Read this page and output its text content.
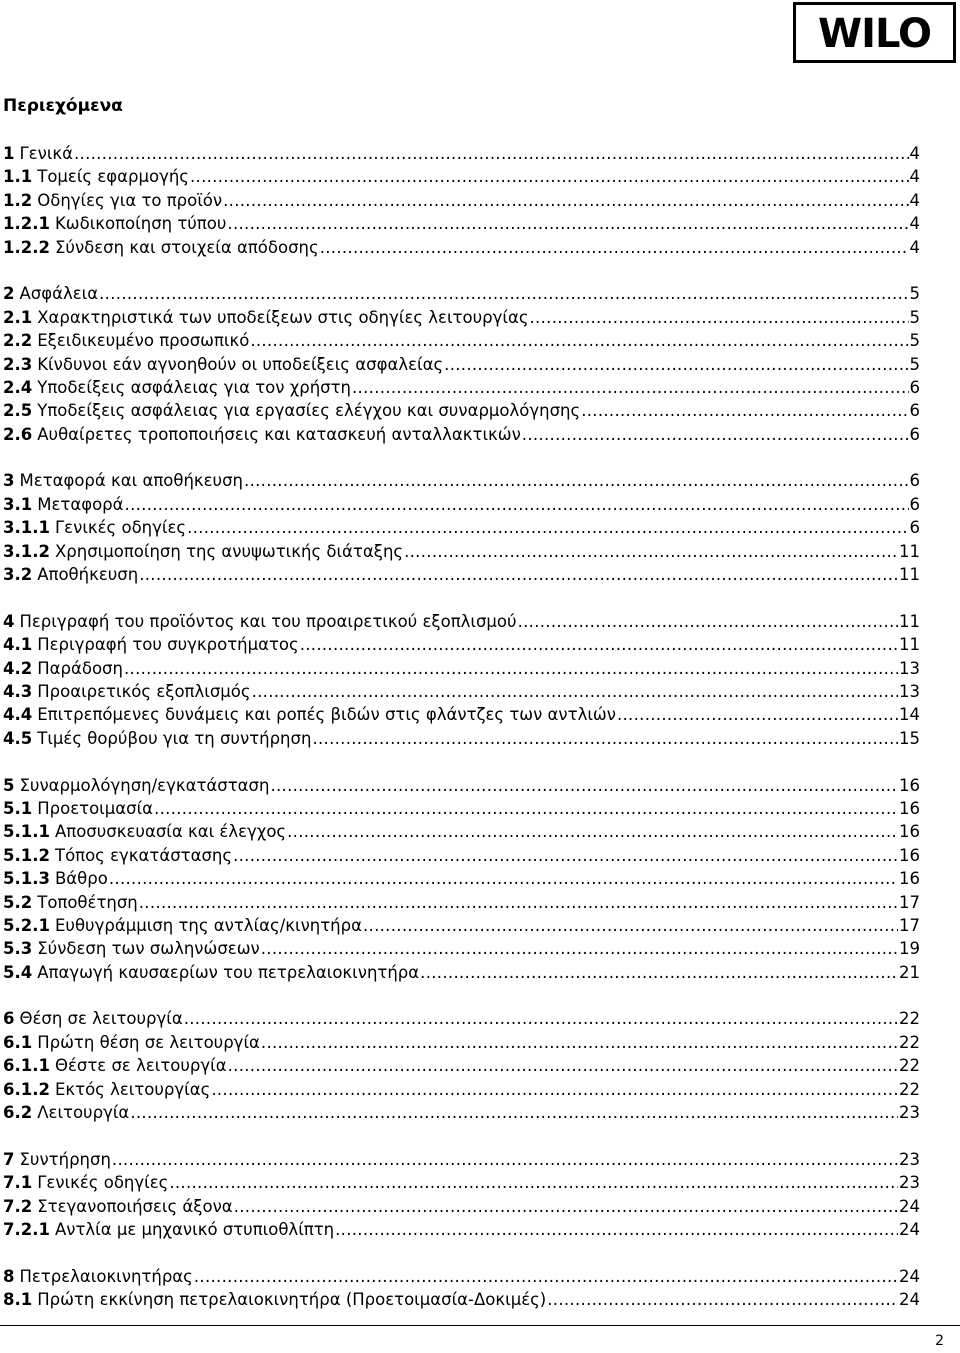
WILO
Περιεχόμενα
1 Γενικά .....	4
1.1 Τομείς εφαρμογής .....	4
1.2 Οδηγίες για το προϊόν .....	4
1.2.1 Κωδικοποίηση τύπου .....	4
1.2.2 Σύνδεση και στοιχεία απόδοσης .....	4
2 Ασφάλεια .....	5
2.1 Χαρακτηριστικά των υποδείξεων στις οδηγίες λειτουργίας .....	5
2.2 Εξειδικευμένο προσωπικό .....	5
2.3 Κίνδυνοι εάν αγνοηθούν οι υποδείξεις ασφαλείας .....	5
2.4 Υποδείξεις ασφάλειας για τον χρήστη .....	6
2.5 Υποδείξεις ασφάλειας για εργασίες ελέγχου και συναρμολόγησης .....	6
2.6 Αυθαίρετες τροποποιήσεις και κατασκευή ανταλλακτικών .....	6
3 Μεταφορά και αποθήκευση .....	6
3.1 Μεταφορά .....	6
3.1.1 Γενικές οδηγίες .....	6
3.1.2 Χρησιμοποίηση της ανυψωτικής διάταξης .....	11
3.2 Αποθήκευση .....	11
4 Περιγραφή του προϊόντος και του προαιρετικού εξοπλισμού .....	11
4.1 Περιγραφή του συγκροτήματος .....	11
4.2 Παράδοση .....	13
4.3 Προαιρετικός εξοπλισμός .....	13
4.4 Επιτρεπόμενες δυνάμεις και ροπές βιδών στις φλάντζες των αντλιών .....	14
4.5 Τιμές θορύβου για τη συντήρηση .....	15
5 Συναρμολόγηση/εγκατάσταση .....	16
5.1 Προετοιμασία .....	16
5.1.1 Αποσυσκευασία και έλεγχος .....	16
5.1.2 Τόπος εγκατάστασης .....	16
5.1.3 Βάθρο .....	16
5.2 Τοποθέτηση .....	17
5.2.1 Ευθυγράμμιση της αντλίας/κινητήρα .....	17
5.3 Σύνδεση των σωληνώσεων .....	19
5.4 Απαγωγή καυσαερίων του πετρελαιοκινητήρα .....	21
6 Θέση σε λειτουργία .....	22
6.1 Πρώτη θέση σε λειτουργία .....	22
6.1.1 Θέστε σε λειτουργία .....	22
6.1.2 Εκτός λειτουργίας .....	22
6.2 Λειτουργία .....	23
7 Συντήρηση .....	23
7.1 Γενικές οδηγίες .....	23
7.2 Στεγανοποιήσεις άξονα .....	24
7.2.1 Αντλία με μηχανικό στυπιοθλίπτη .....	24
8 Πετρελαιοκινητήρας .....	24
8.1 Πρώτη εκκίνηση πετρελαιοκινητήρα (Προετοιμασία-Δοκιμές) .....	24
2
